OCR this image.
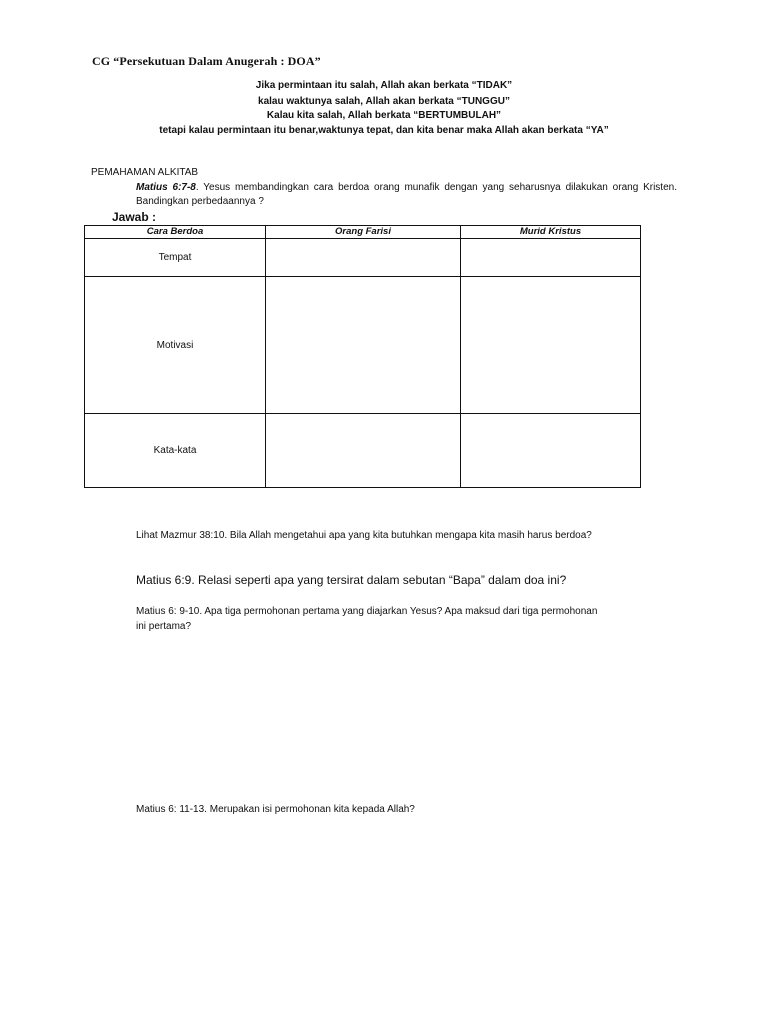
CG “Persekutuan Dalam Anugerah : DOA”
Jika permintaan itu salah, Allah akan berkata “TIDAK”
kalau waktunya salah, Allah akan berkata “TUNGGU”
Kalau kita salah, Allah berkata “BERTUMBULAH”
tetapi kalau permintaan itu benar,waktunya tepat, dan kita benar maka Allah akan berkata “YA”
PEMAHAMAN ALKITAB
Matius 6:7-8. Yesus membandingkan cara berdoa orang munafik dengan yang seharusnya dilakukan orang Kristen. Bandingkan perbedaannya ?
Jawab :
Cara Berdoa	Orang Farisi	Murid Kristus
Tempat		
Motivasi		
Kata-kata		
Lihat Mazmur 38:10. Bila Allah mengetahui apa yang kita butuhkan mengapa kita masih harus berdoa?
Matius 6:9. Relasi seperti apa yang tersirat dalam sebutan “Bapa” dalam doa ini?
Matius 6: 9-10. Apa tiga permohonan pertama yang diajarkan Yesus? Apa maksud dari tiga permohonan
ini pertama?
Matius 6: 11-13. Merupakan isi permohonan kita kepada Allah?
